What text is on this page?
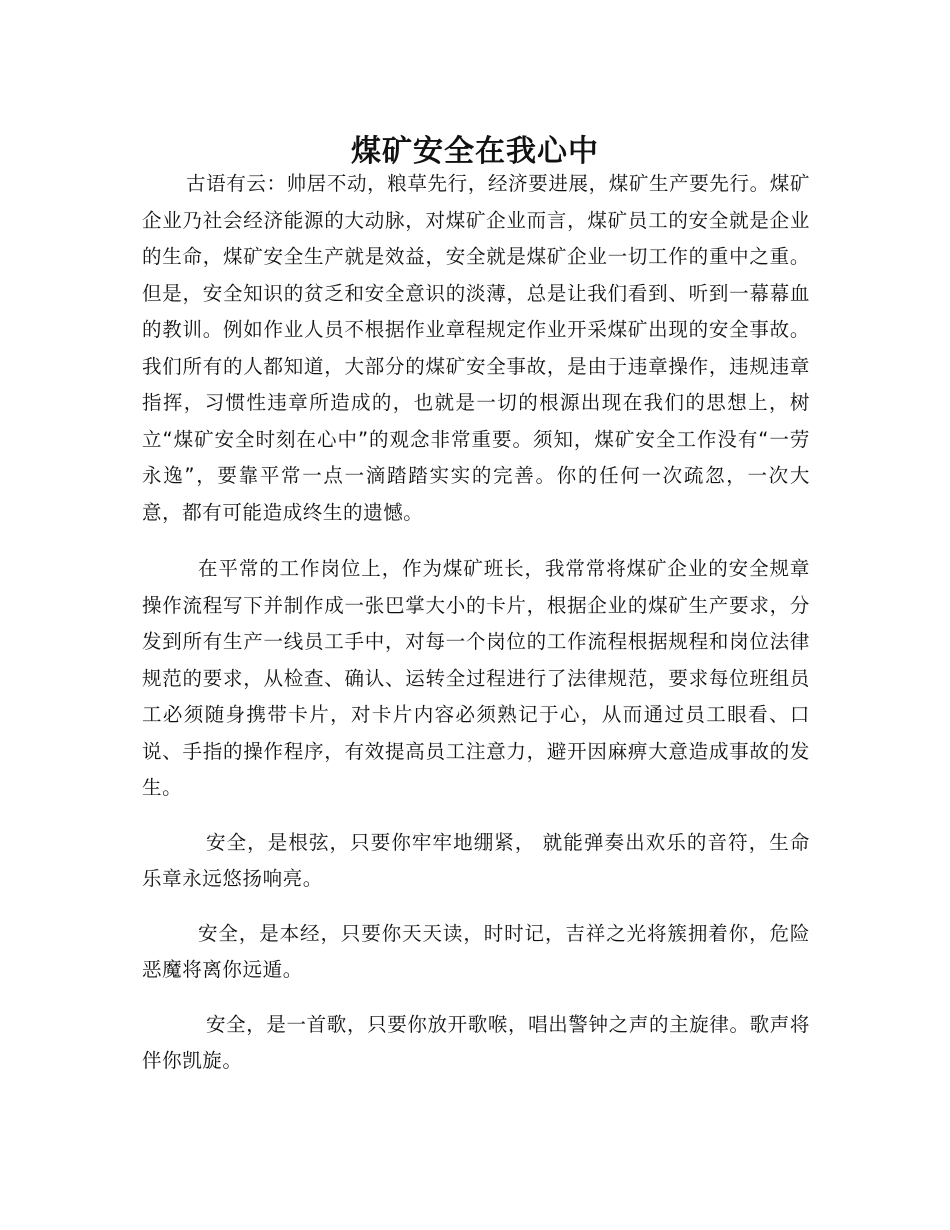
煤矿安全在我心中

古语有云：帅居不动，粮草先行，经济要进展，煤矿生产要先行。煤矿企业乃社会经济能源的大动脉，对煤矿企业而言，煤矿员工的安全就是企业的生命，煤矿安全生产就是效益，安全就是煤矿企业一切工作的重中之重。但是，安全知识的贫乏和安全意识的淡薄，总是让我们看到、听到一幕幕血的教训。例如作业人员不根据作业章程规定作业开采煤矿出现的安全事故。我们所有的人都知道，大部分的煤矿安全事故，是由于违章操作，违规违章指挥，习惯性违章所造成的，也就是一切的根源出现在我们的思想上，树立“煤矿安全时刻在心中”的观念非常重要。须知，煤矿安全工作没有“一劳永逸”，要靠平常一点一滴踏踏实实的完善。你的任何一次疏忽，一次大意，都有可能造成终生的遗憾。

在平常的工作岗位上，作为煤矿班长，我常常将煤矿企业的安全规章操作流程写下并制作成一张巴掌大小的卡片，根据企业的煤矿生产要求，分发到所有生产一线员工手中，对每一个岗位的工作流程根据规程和岗位法律规范的要求，从检查、确认、运转全过程进行了法律规范，要求每位班组员工必须随身携带卡片，对卡片内容必须熟记于心，从而通过员工眼看、口说、手指的操作程序，有效提高员工注意力，避开因麻痹大意造成事故的发生。

安全，是根弦，只要你牢牢地绷紧， 就能弹奏出欢乐的音符，生命乐章永远悠扬响亮。

安全，是本经，只要你天天读，时时记，吉祥之光将簇拥着你，危险恶魔将离你远遁。

安全，是一首歌，只要你放开歌喉，唱出警钟之声的主旋律。歌声将伴你凯旋。
